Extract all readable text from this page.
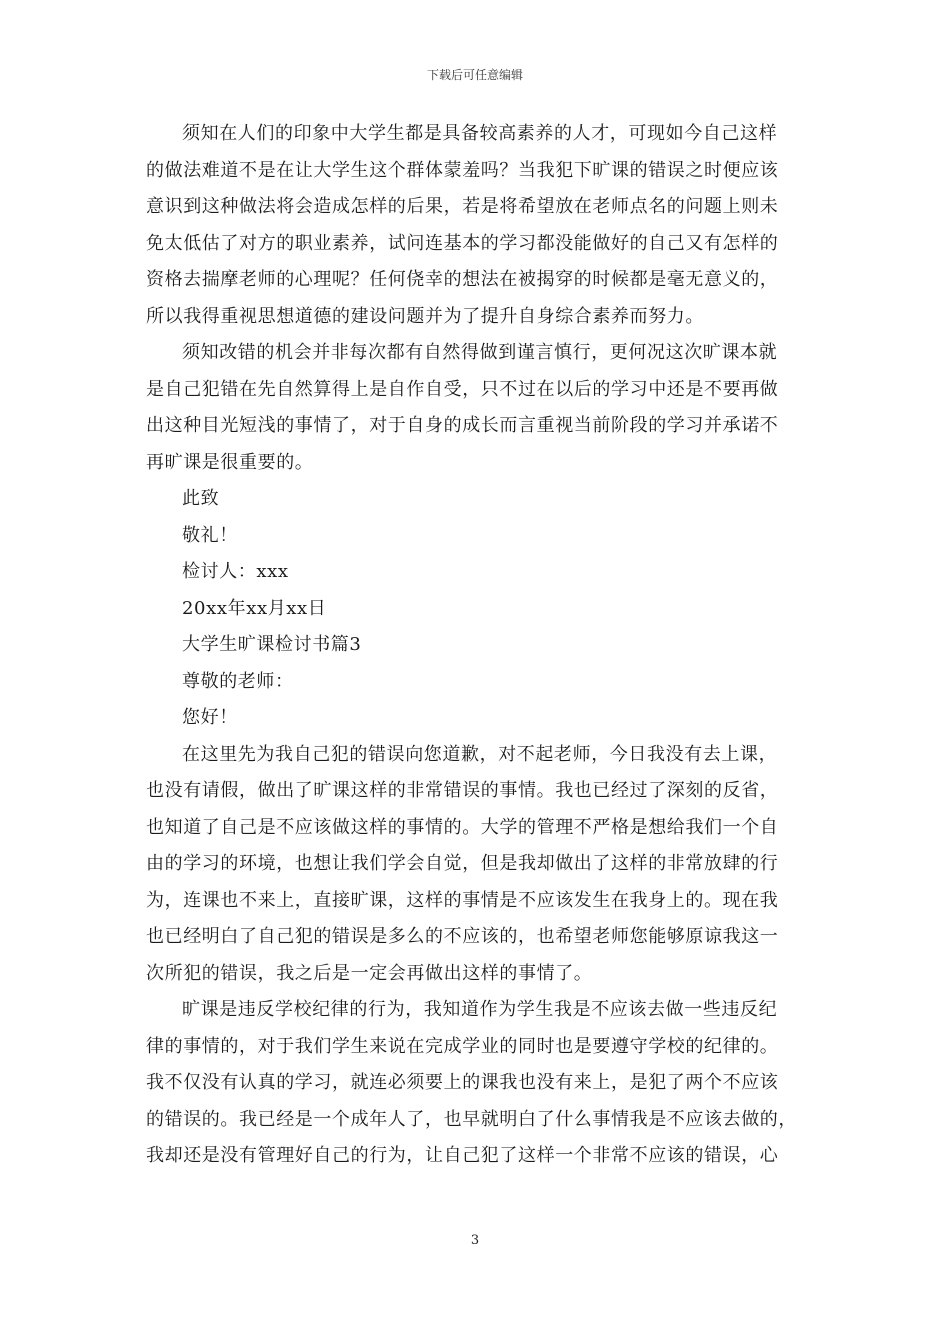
下载后可任意编辑
须知在人们的印象中大学生都是具备较高素养的人才，可现如今自己这样
的做法难道不是在让大学生这个群体蒙羞吗？当我犯下旷课的错误之时便应该
意识到这种做法将会造成怎样的后果，若是将希望放在老师点名的问题上则未
免太低估了对方的职业素养，试问连基本的学习都没能做好的自己又有怎样的
资格去揣摩老师的心理呢？任何侥幸的想法在被揭穿的时候都是毫无意义的，
所以我得重视思想道德的建设问题并为了提升自身综合素养而努力。
须知改错的机会并非每次都有自然得做到谨言慎行，更何况这次旷课本就
是自己犯错在先自然算得上是自作自受，只不过在以后的学习中还是不要再做
出这种目光短浅的事情了，对于自身的成长而言重视当前阶段的学习并承诺不
再旷课是很重要的。
此致
敬礼！
检讨人：xxx
20xx年xx月xx日
大学生旷课检讨书篇3
尊敬的老师：
您好！
在这里先为我自己犯的错误向您道歉，对不起老师，今日我没有去上课，
也没有请假，做出了旷课这样的非常错误的事情。我也已经过了深刻的反省，
也知道了自己是不应该做这样的事情的。大学的管理不严格是想给我们一个自
由的学习的环境，也想让我们学会自觉，但是我却做出了这样的非常放肆的行
为，连课也不来上，直接旷课，这样的事情是不应该发生在我身上的。现在我
也已经明白了自己犯的错误是多么的不应该的，也希望老师您能够原谅我这一
次所犯的错误，我之后是一定会再做出这样的事情了。
旷课是违反学校纪律的行为，我知道作为学生我是不应该去做一些违反纪
律的事情的，对于我们学生来说在完成学业的同时也是要遵守学校的纪律的。
我不仅没有认真的学习，就连必须要上的课我也没有来上，是犯了两个不应该
的错误的。我已经是一个成年人了，也早就明白了什么事情我是不应该去做的，
我却还是没有管理好自己的行为，让自己犯了这样一个非常不应该的错误，心
3
